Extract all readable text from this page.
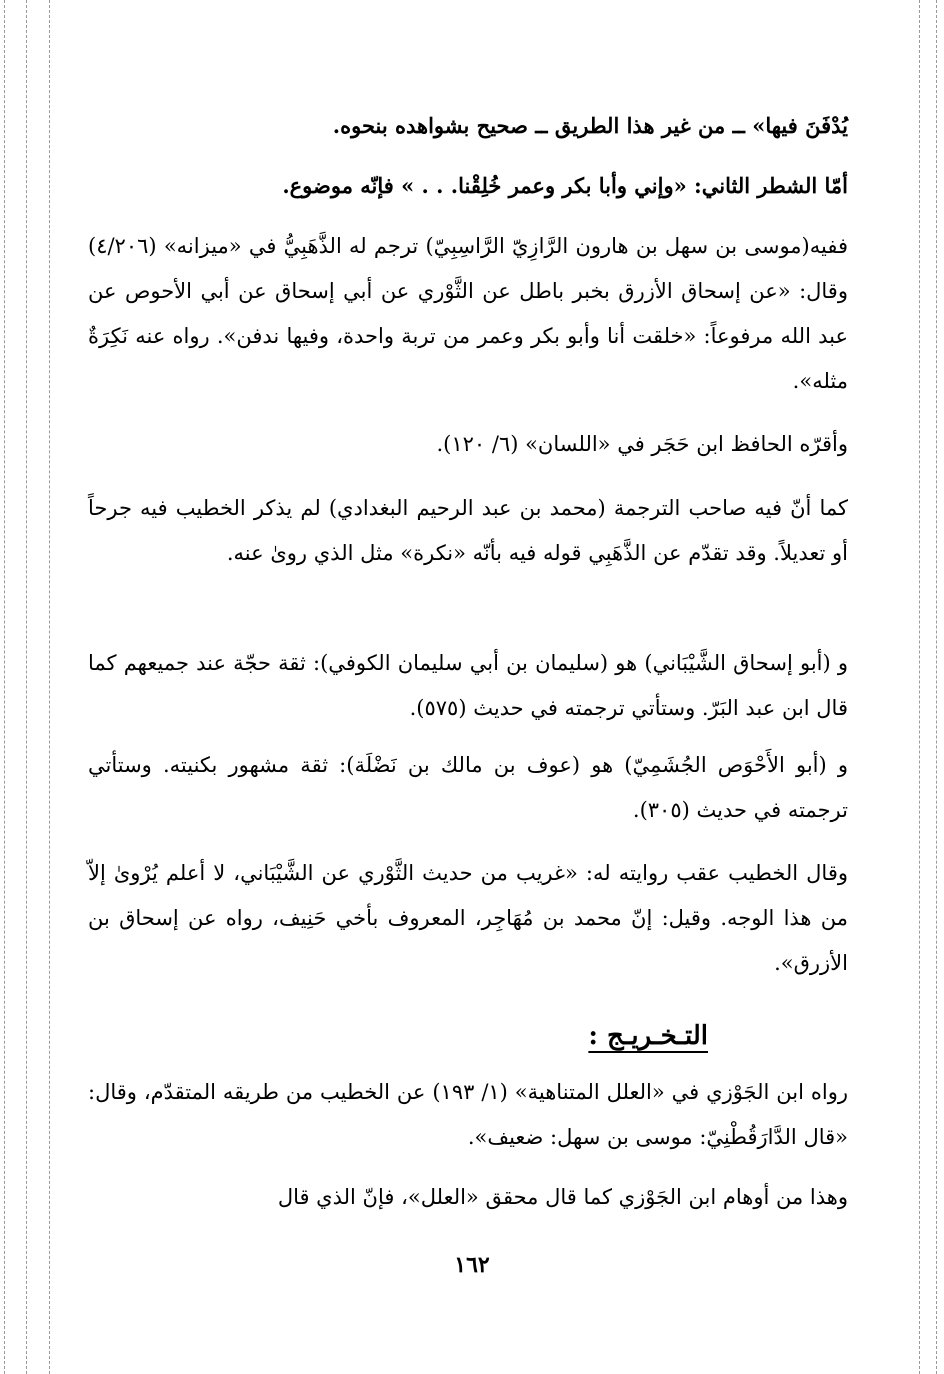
يُدْفَنَ فيها» ــ من غير هذا الطريق ــ صحيح بشواهده بنحوه.
أمّا الشطر الثاني: «وإني وأبا بكر وعمر خُلِقْنا. . . » فإنّه موضوع.
ففيه(موسى بن سهل بن هارون الرَّازِيّ الرَّاسِبِيّ) ترجم له الذَّهَبِيُّ في «ميزانه» (٤/٢٠٦) وقال: «عن إسحاق الأزرق بخبر باطل عن الثَّوْري عن أبي إسحاق عن أبي الأحوص عن عبد الله مرفوعاً: «خلقت أنا وأبو بكر وعمر من تربة واحدة، وفيها ندفن». رواه عنه نَكِرَةٌ مثله».
وأقرّه الحافظ ابن حَجَر في «اللسان» (٦/ ١٢٠).
كما أنّ فيه صاحب الترجمة (محمد بن عبد الرحيم البغدادي) لم يذكر الخطيب فيه جرحاً أو تعديلاً. وقد تقدّم عن الذَّهَبِي قوله فيه بأنّه «نكرة» مثل الذي روىٰ عنه.
و (أبو إسحاق الشَّيْبَاني) هو (سليمان بن أبي سليمان الكوفي): ثقة حجّة عند جميعهم كما قال ابن عبد البَرّ. وستأتي ترجمته في حديث (٥٧٥).
و (أبو الأَحْوَص الجُشَمِيّ) هو (عوف بن مالك بن نَضْلَة): ثقة مشهور بكنيته. وستأتي ترجمته في حديث (٣٠٥).
وقال الخطيب عقب روايته له: «غريب من حديث الثَّوْري عن الشَّيْبَاني، لا أعلم يُرْوىٰ إلاّ من هذا الوجه. وقيل: إنّ محمد بن مُهَاجِر، المعروف بأخي حَنِيف، رواه عن إسحاق بن الأزرق».
التـخـريـج :
رواه ابن الجَوْزي في «العلل المتناهية» (١/ ١٩٣) عن الخطيب من طريقه المتقدّم، وقال: «قال الدَّارَقُطْنِيّ: موسى بن سهل: ضعيف».
وهذا من أوهام ابن الجَوْزي كما قال محقق «العلل»، فإنّ الذي قال
١٦٢
